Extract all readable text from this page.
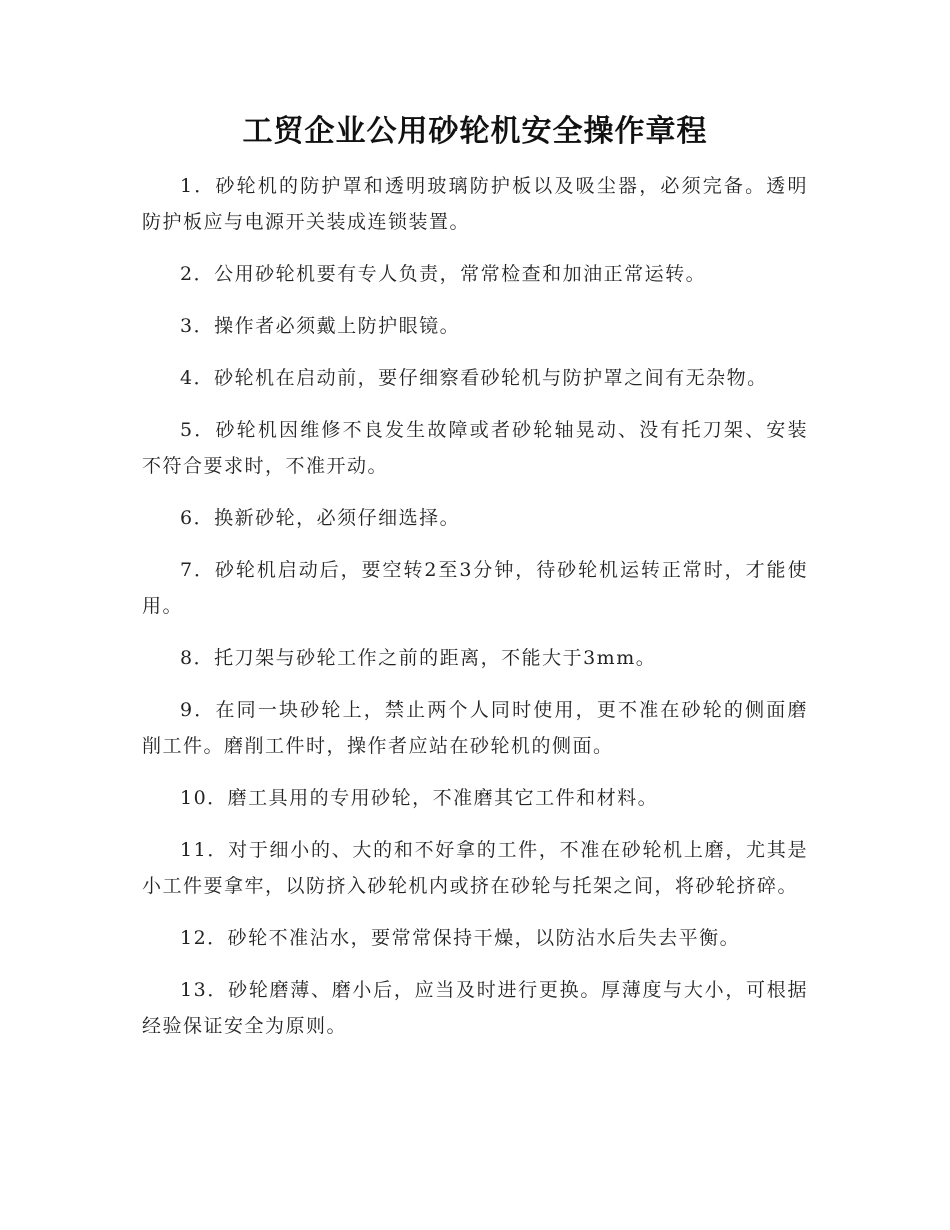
工贸企业公用砂轮机安全操作章程

1．砂轮机的防护罩和透明玻璃防护板以及吸尘器，必须完备。透明防护板应与电源开关装成连锁装置。

2．公用砂轮机要有专人负责，常常检查和加油正常运转。

3．操作者必须戴上防护眼镜。

4．砂轮机在启动前，要仔细察看砂轮机与防护罩之间有无杂物。

5．砂轮机因维修不良发生故障或者砂轮轴晃动、没有托刀架、安装不符合要求时，不准开动。

6．换新砂轮，必须仔细选择。

7．砂轮机启动后，要空转2至3分钟，待砂轮机运转正常时，才能使用。

8．托刀架与砂轮工作之前的距离，不能大于3mm。

9．在同一块砂轮上，禁止两个人同时使用，更不准在砂轮的侧面磨削工件。磨削工件时，操作者应站在砂轮机的侧面。

10．磨工具用的专用砂轮，不准磨其它工件和材料。

11．对于细小的、大的和不好拿的工件，不准在砂轮机上磨，尤其是小工件要拿牢，以防挤入砂轮机内或挤在砂轮与托架之间，将砂轮挤碎。

12．砂轮不准沾水，要常常保持干燥，以防沾水后失去平衡。

13．砂轮磨薄、磨小后，应当及时进行更换。厚薄度与大小，可根据经验保证安全为原则。
